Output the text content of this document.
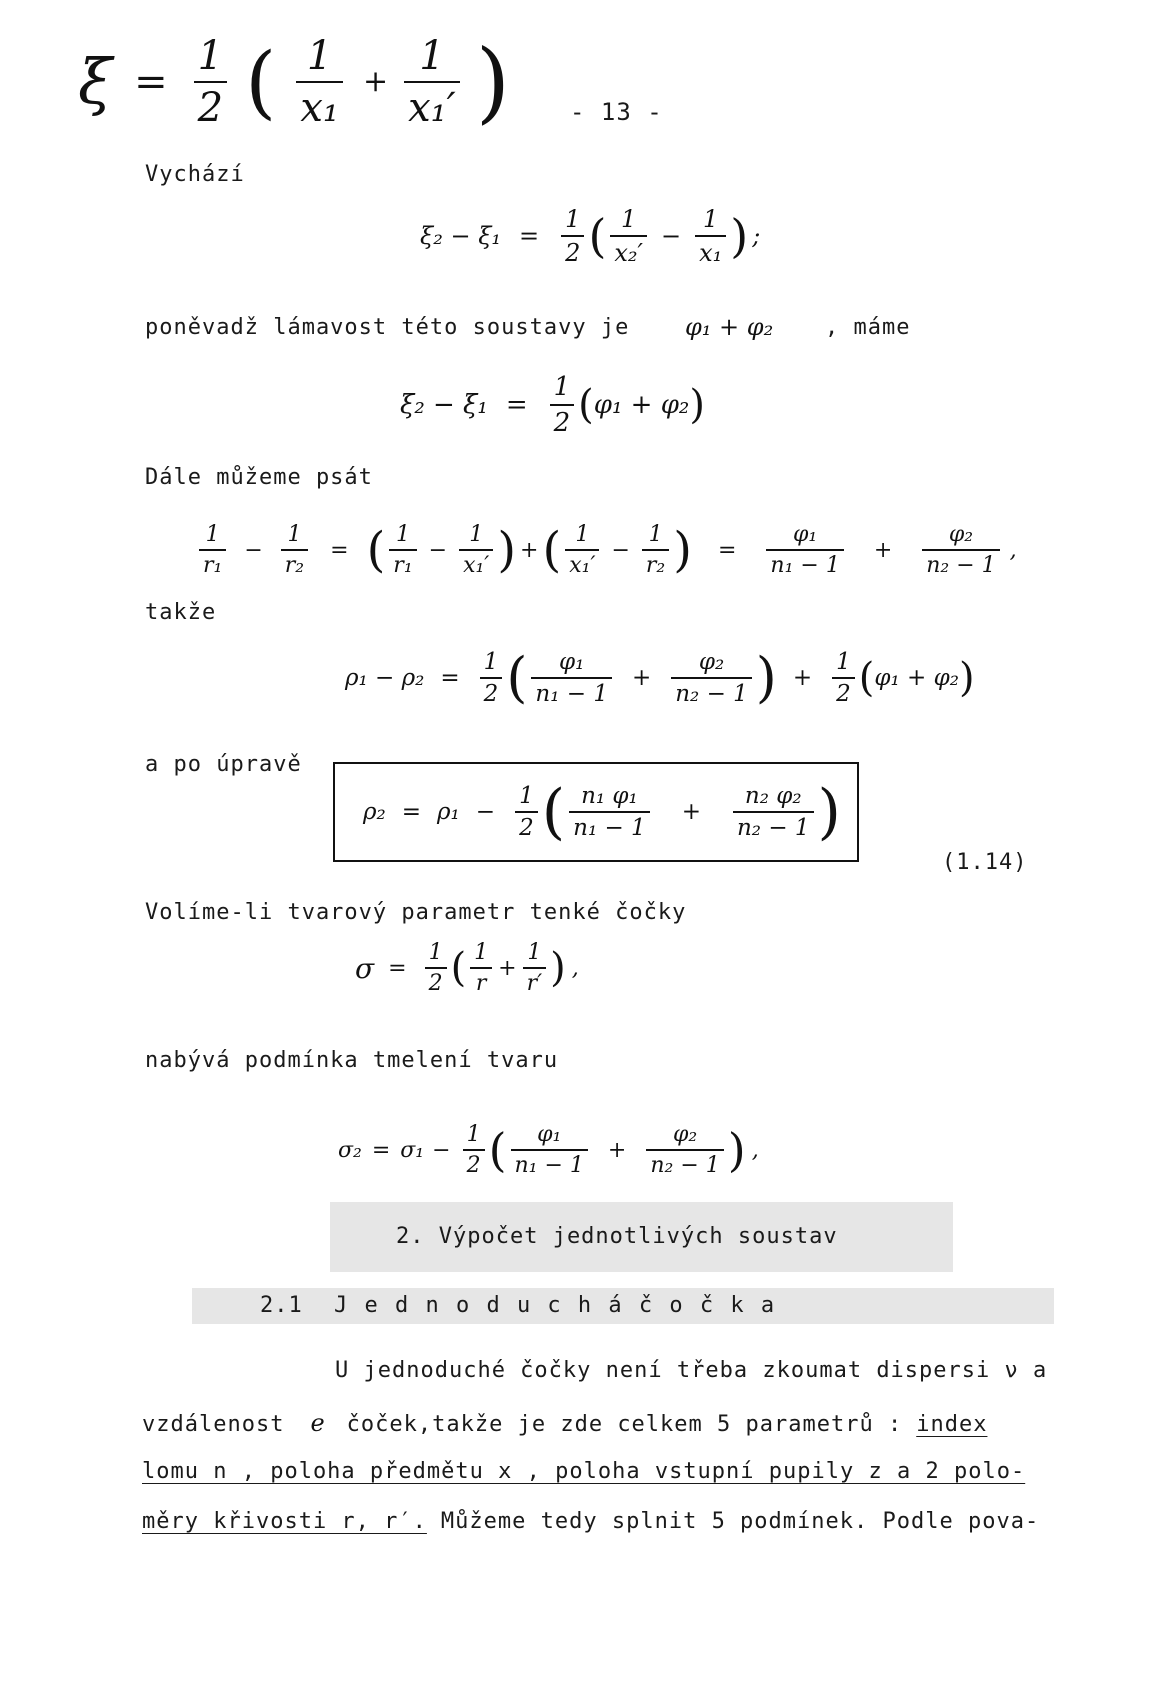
$\xi = \frac{1}{2}$ ( $\frac{1}{\text{x₁}} + \frac{1}{\text{x₁′}}$ ) - 13 -
Vychází
$\xi_2 - \xi_1 = \frac{1}{2}$ ( $\frac{1}{\text{x₂′}} - \frac{1}{\text{x₁}}$ ) ;
poněvadž lámavost této soustavy je φ₁ + φ₂ , máme
$\xi_2 - \xi_1 = \frac{1}{2}$ ( φ₁ + φ₂ )
Dále můžeme psát
$\frac{1}{\text{r₁}} - \frac{1}{\text{r₂}}$ = ( $\frac{1}{\text{r₁}} - \frac{1}{\text{x₁′}}$ ) + ( $\frac{1}{\text{x₁′}} - \frac{1}{\text{r₂}}$ ) = $\frac{\text{φ₁}}{\text{n₁ − 1}} + \frac{\text{φ₂}}{\text{n₂ − 1}}$ ,
takže
$\rho_1 - \rho_2 = \frac{1}{2}$ ( $\frac{\text{φ₁}}{\text{n₁ − 1}} + \frac{\text{φ₂}}{\text{n₂ − 1}}$ ) + $\frac{1}{2}$ ( φ₁ + φ₂ )
a po úpravě
$\rho_2 = \rho_1 - \frac{1}{2}$ ( $\frac{\text{n₁ φ₁}}{\text{n₁ − 1}} + \frac{\text{n₂ φ₂}}{\text{n₂ − 1}}$ )
(1.14)
Volíme-li tvarový parametr tenké čočky
$\sigma = \frac{1}{2}$ ( $\frac{1}{r} + \frac{1}{r'}$ ) ,
nabývá podmínka tmelení tvaru
$\sigma_2 = \sigma_1 - \frac{1}{2}$ ( $\frac{\text{φ₁}}{\text{n₁ − 1}} + \frac{\text{φ₂}}{\text{n₂ − 1}}$ ) ,
2. Výpočet jednotlivých soustav
2.1 J e d n o d u c h á č o č k a
U jednoduché čočky není třeba zkoumat dispersi ν a
vzdálenost e čoček,takže je zde celkem 5 parametrů : index
lomu n , poloha předmětu x , poloha vstupní pupily z a 2 polo-
měry křivosti r, r′. Můžeme tedy splnit 5 podmínek. Podle pova-
